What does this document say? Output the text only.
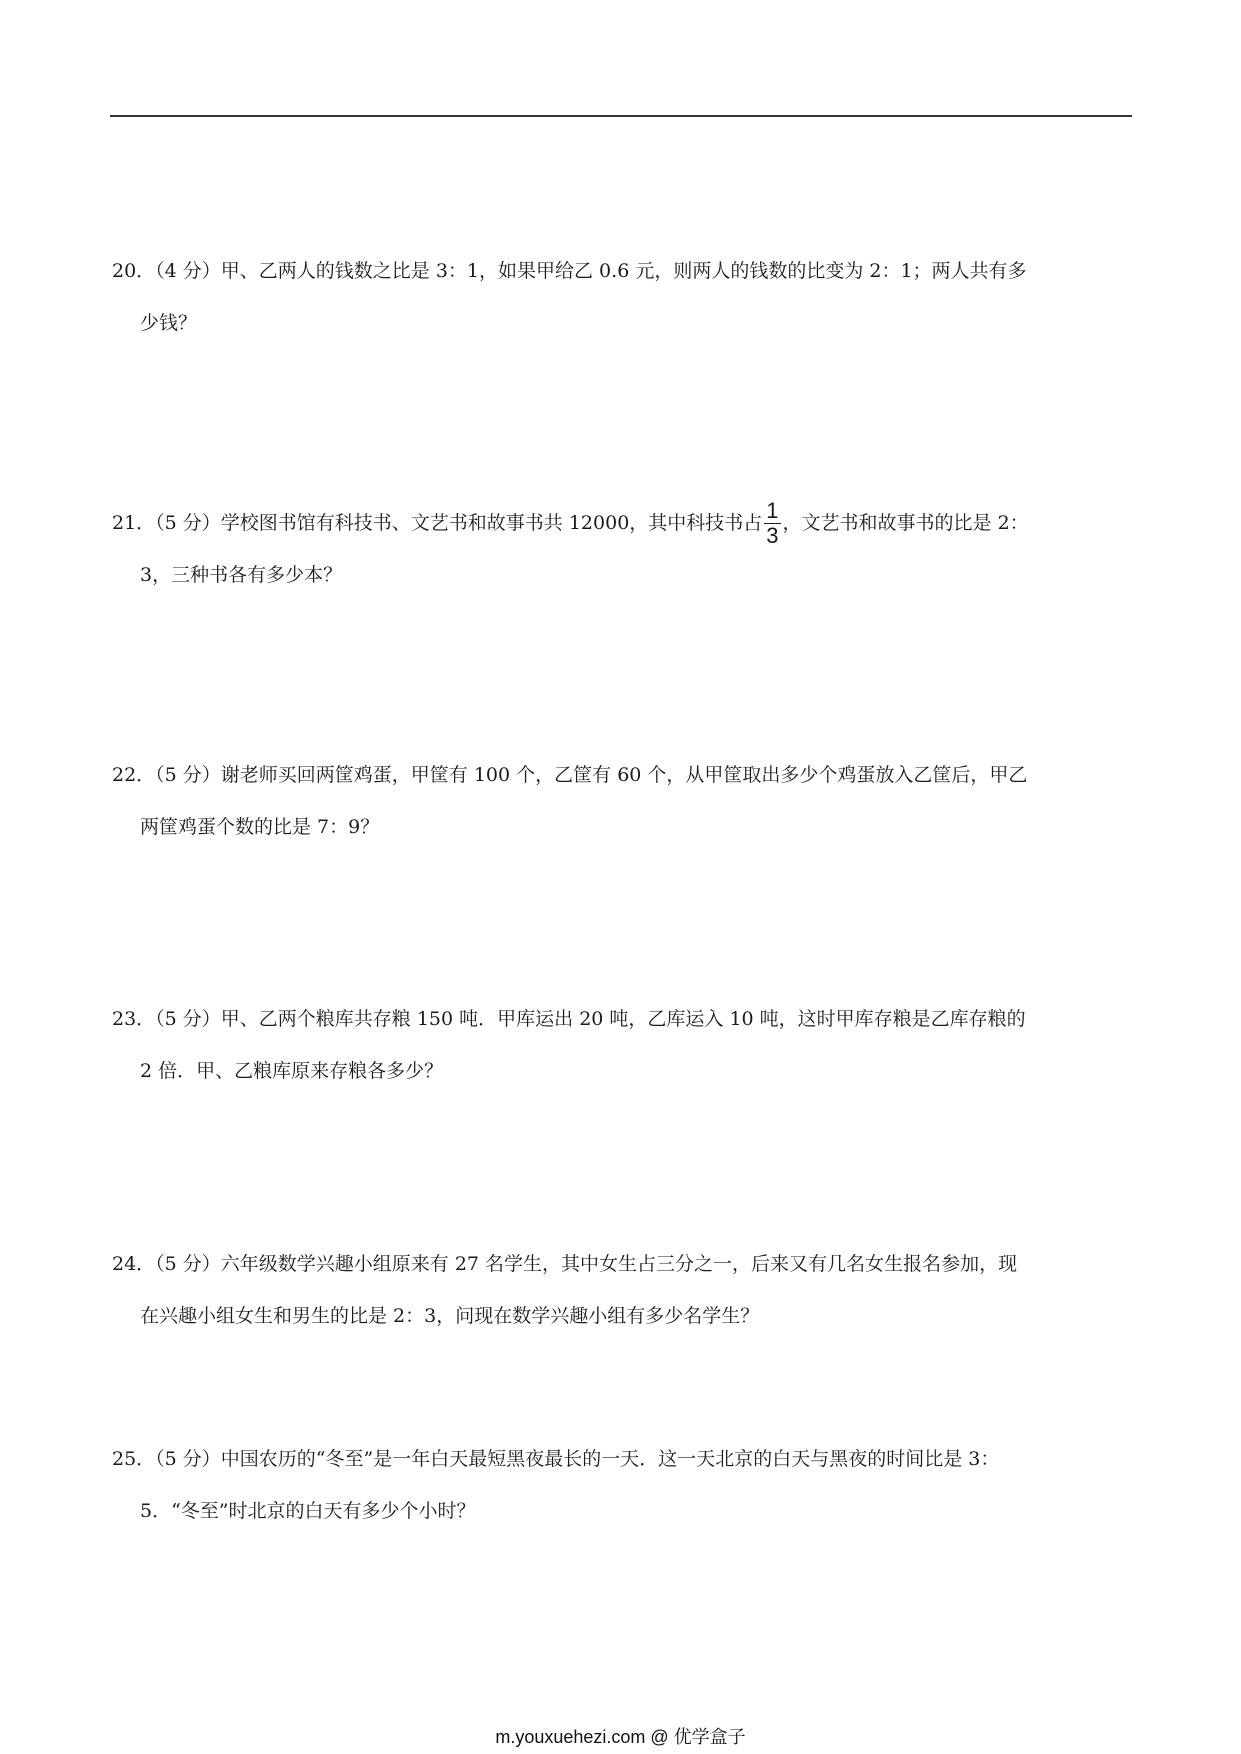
20．（4 分）甲、乙两人的钱数之比是 3：1，如果甲给乙 0.6 元，则两人的钱数的比变为 2：1；两人共有多
少钱？
21．（5 分）学校图书馆有科技书、文艺书和故事书共 12000，其中科技书占 $\frac{1}{3}$ ，文艺书和故事书的比是 2：
3，三种书各有多少本？
22．（5 分）谢老师买回两筐鸡蛋，甲筐有 100 个，乙筐有 60 个，从甲筐取出多少个鸡蛋放入乙筐后，甲乙
两筐鸡蛋个数的比是 7：9？
23．（5 分）甲、乙两个粮库共存粮 150 吨．甲库运出 20 吨，乙库运入 10 吨，这时甲库存粮是乙库存粮的
2 倍．甲、乙粮库原来存粮各多少？
24．（5 分）六年级数学兴趣小组原来有 27 名学生，其中女生占三分之一，后来又有几名女生报名参加，现
在兴趣小组女生和男生的比是 2：3，问现在数学兴趣小组有多少名学生？
25．（5 分）中国农历的“冬至”是一年白天最短黑夜最长的一天．这一天北京的白天与黑夜的时间比是 3：
5．“冬至”时北京的白天有多少个小时？
m.youxuehezi.com @ 优学盒子
